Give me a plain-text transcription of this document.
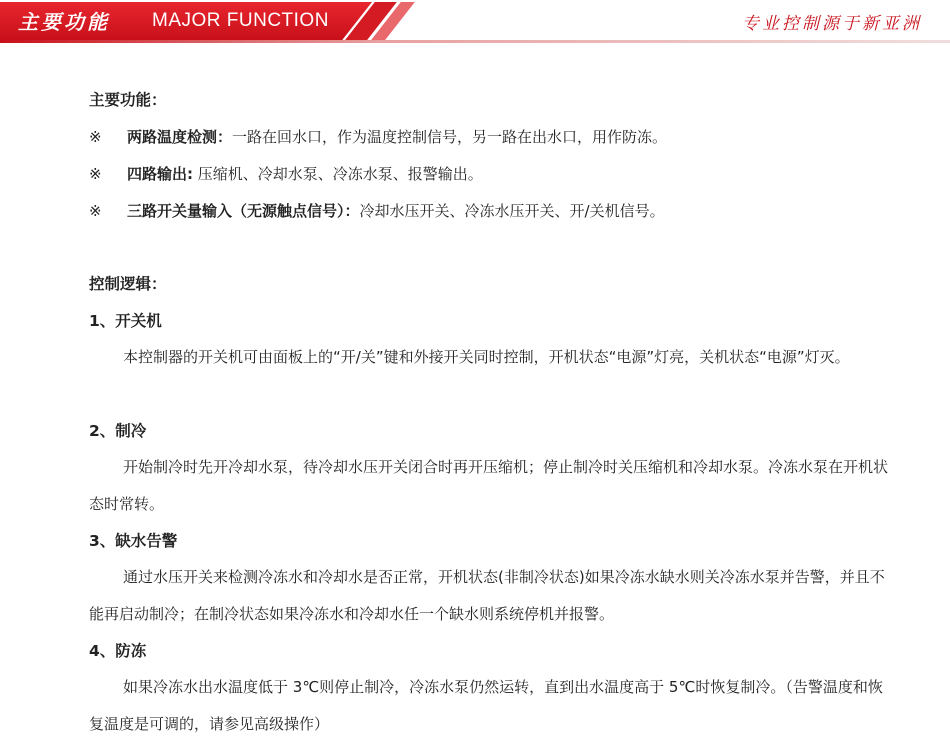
主要功能 MAJOR FUNCTION	专业控制源于新亚洲
主要功能：
※ 两路温度检测：一路在回水口，作为温度控制信号，另一路在出水口，用作防冻。
※ 四路输出: 压缩机、冷却水泵、冷冻水泵、报警输出。
※ 三路开关量输入（无源触点信号）：冷却水压开关、冷冻水压开关、开/关机信号。
控制逻辑：
1、开关机
本控制器的开关机可由面板上的“开/关”键和外接开关同时控制，开机状态“电源”灯亮，关机状态“电源”灯灭。
2、制冷
开始制冷时先开冷却水泵，待冷却水压开关闭合时再开压缩机；停止制冷时关压缩机和冷却水泵。冷冻水泵在开机状态时常转。
3、缺水告警
通过水压开关来检测冷冻水和冷却水是否正常，开机状态(非制冷状态)如果冷冻水缺水则关冷冻水泵并告警，并且不能再启动制冷；在制冷状态如果冷冻水和冷却水任一个缺水则系统停机并报警。
4、防冻
如果冷冻水出水温度低于 3℃则停止制冷，冷冻水泵仍然运转，直到出水温度高于 5℃时恢复制冷。（告警温度和恢复温度是可调的，请参见高级操作）
